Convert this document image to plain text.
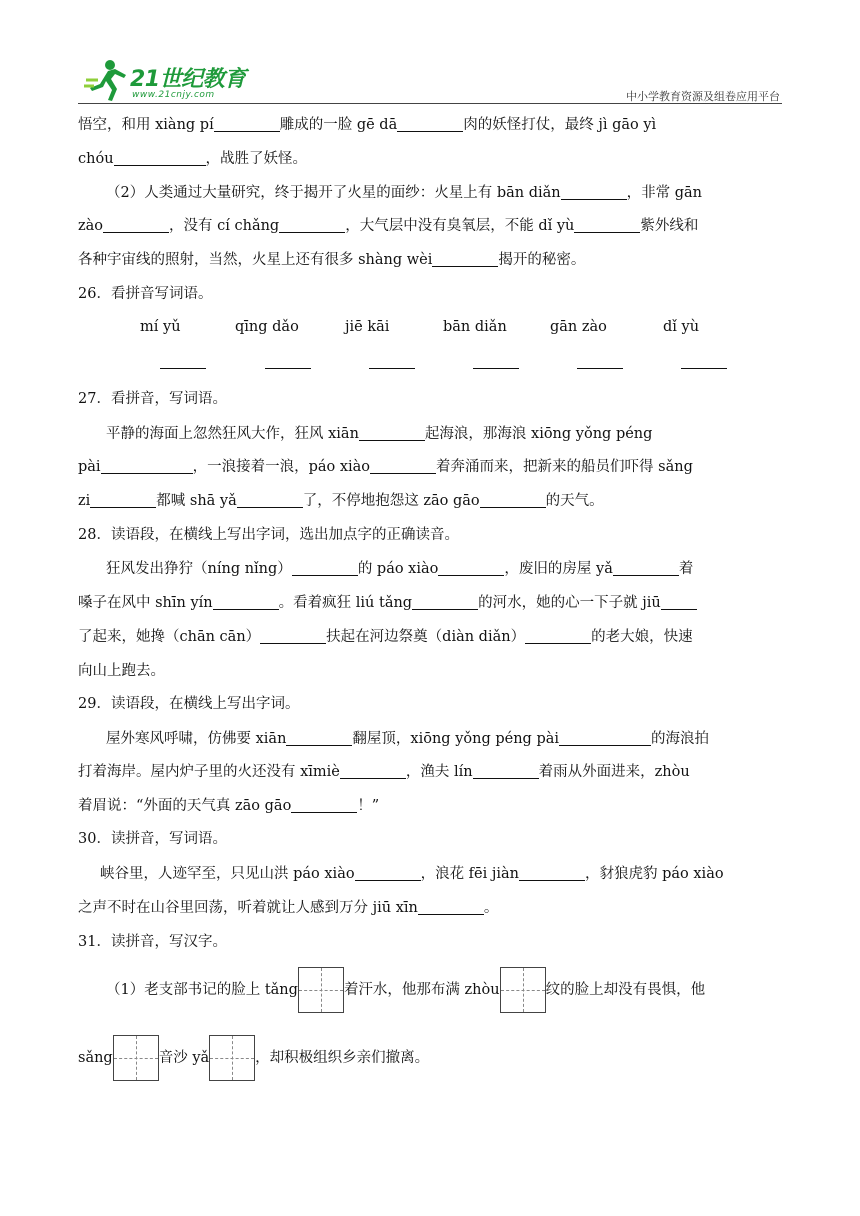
21世纪教育
www.21cnjy.com	中小学教育资源及组卷应用平台
悟空，和用 xiàng pí	雕成的一脸 gē dā	肉的妖怪打仗，最终 jì gāo yì
chóu	，战胜了妖怪。
（2）人类通过大量研究，终于揭开了火星的面纱：火星上有 bān diǎn	，非常 gān
zào	，没有 cí chǎng	，大气层中没有臭氧层，不能 dǐ yù	紫外线和
各种宇宙线的照射，当然，火星上还有很多 shàng wèi	揭开的秘密。
26．看拼音写词语。
mí yǔ	qīng dǎo	jiē kāi	bān diǎn	gān zào	dǐ yù
27．看拼音，写词语。
平静的海面上忽然狂风大作，狂风 xiān	起海浪，那海浪 xiōng yǒng péng
pài	，一浪接着一浪，páo xiào	着奔涌而来，把新来的船员们吓得 sǎng
zi	都喊 shā yǎ	了，不停地抱怨这 zāo gāo	的天气。
28．读语段，在横线上写出字词，选出加点字的正确读音。
狂风发出狰狞（níng nǐng）	的 páo xiào	，废旧的房屋 yǎ	着
嗓子在风中 shīn yín	。看着疯狂 liú tǎng	的河水，她的心一下子就 jiū
了起来，她搀（chān cān）	扶起在河边祭奠（diàn diǎn）	的老大娘，快速
向山上跑去。
29．读语段，在横线上写出字词。
屋外寒风呼啸，仿佛要 xiān	翻屋顶，xiōng yǒng péng pài	的海浪拍
打着海岸。屋内炉子里的火还没有 xīmiè	，渔夫 lín	着雨从外面进来，zhòu
着眉说：“外面的天气真 zāo gāo	！”
30．读拼音，写词语。
峡谷里，人迹罕至，只见山洪 páo xiào	，浪花 fēi jiàn	，豺狼虎豹 páo xiào
之声不时在山谷里回荡，听着就让人感到万分 jiū xīn	。
31．读拼音，写汉字。
（1）老支部书记的脸上 tǎng	着汗水，他那布满 zhòu	纹的脸上却没有畏惧，他
sǎng	音沙 yǎ	，却积极组织乡亲们撤离。
